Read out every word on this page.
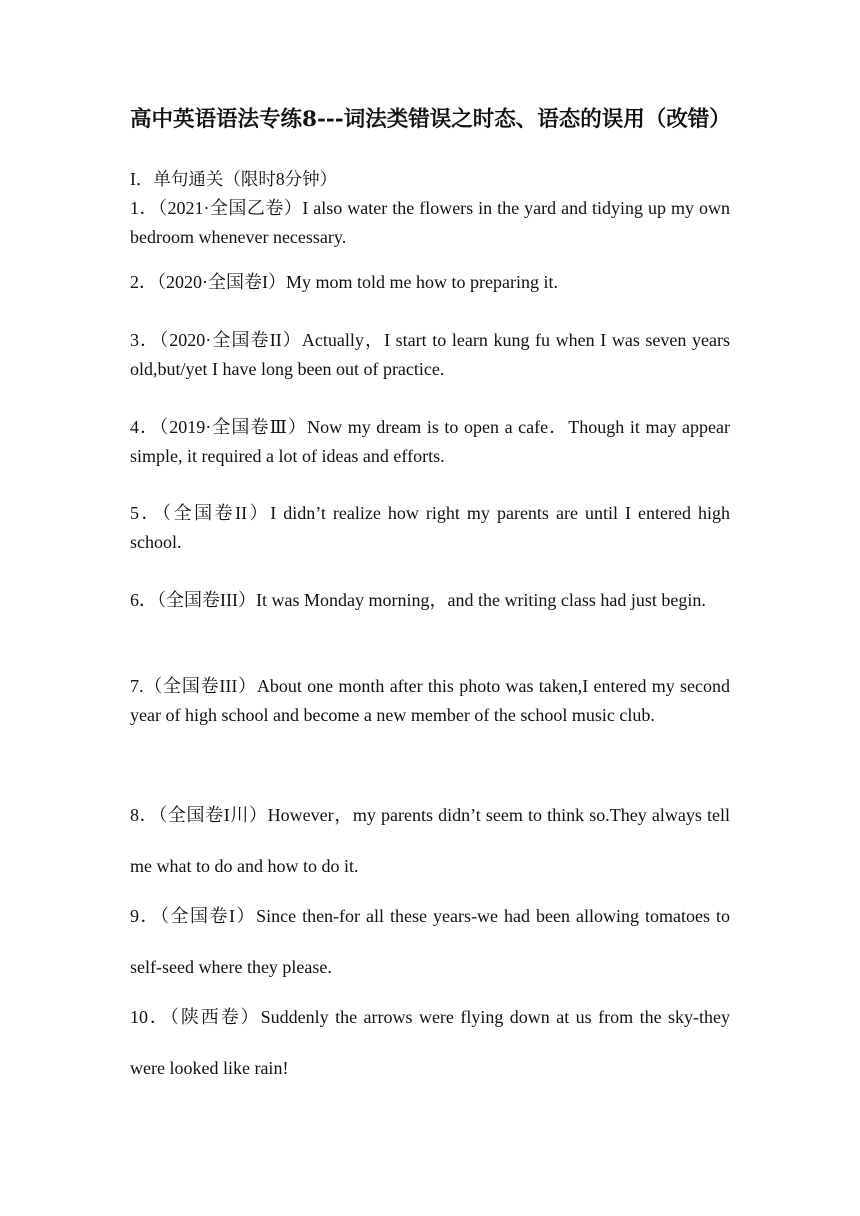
高中英语语法专练8---词法类错误之时态、语态的误用（改错）
I．单句通关（限时8分钟）
1．（2021·全国乙卷）I also water the flowers in the yard and tidying up my own bedroom whenever necessary.
2．（2020·全国卷I）My mom told me how to preparing it.
3．（2020·全国卷II）Actually，I start to learn kung fu when I was seven years old,but/yet I have long been out of practice.
4．（2019·全国卷Ⅲ）Now my dream is to open a cafe．Though it may appear simple, it required a lot of ideas and efforts.
5．（全国卷II）I didn’t realize how right my parents are until I entered high school.
6．（全国卷III）It was Monday morning，and the writing class had just begin.
7.（全国卷III）About one month after this photo was taken,I entered my second year of high school and become a new member of the school music club.
8．（全国卷I川）However，my parents didn’t seem to think so.They always tell me what to do and how to do it.
9．（全国卷I）Since then-for all these years-we had been allowing tomatoes to self-seed where they please.
10．（陕西卷）Suddenly the arrows were flying down at us from the sky-they were looked like rain!
